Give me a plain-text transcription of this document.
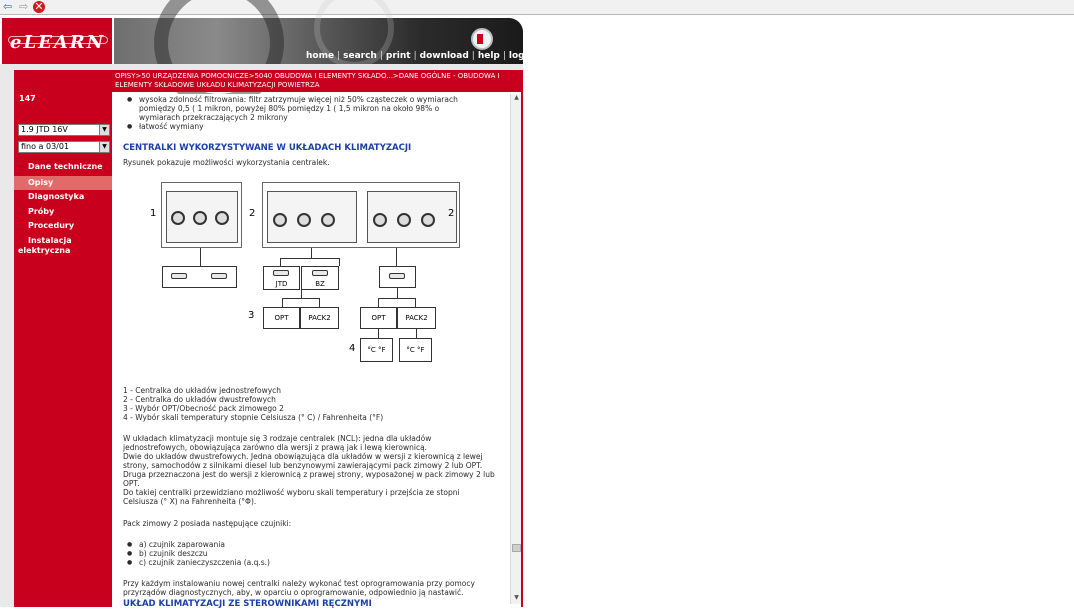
⇦ ⇨ ✕
eLEARN
home | search | print | download | help | logout
147
1.9 JTD 16V	▼
fino a 03/01	▼
Dane techniczne
Opisy
Diagnostyka
Próby
Procedury
Instalacja elektryczna
OPISY>50 URZĄDZENIA POMOCNICZE>5040 OBUDOWA I ELEMENTY SKŁADO...>DANE OGÓLNE - OBUDOWA I ELEMENTY SKŁADOWE UKŁADU KLIMATYZACJI POWIETRZA
● wysoka zdolność filtrowania: filtr zatrzymuje więcej niż 50% cząsteczek o wymiarach pomiędzy 0,5 ( 1 mikron, powyżej 80% pomiędzy 1 ( 1,5 mikron na około 98% o wymiarach przekraczających 2 mikrony
● łatwość wymiany
CENTRALKI WYKORZYSTYWANE W UKŁADACH KLIMATYZACJI
Rysunek pokazuje możliwości wykorzystania centralek.
1	2	2
JTD	BZ
3	OPT	PACK2	OPT	PACK2
4	°C °F	°C °F
1 - Centralka do układów jednostrefowych
2 - Centralka do układów dwustrefowych
3 - Wybór OPT/Obecność pack zimowego 2
4 - Wybór skali temperatury stopnie Celsiusza (° C) / Fahrenheita (°F)
W układach klimatyzacji montuje się 3 rodzaje centralek (NCL): jedna dla układów jednostrefowych, obowiązująca zarówno dla wersji z prawą jak i lewą kierownicą.
Dwie do układów dwustrefowych. Jedna obowiązująca dla układów w wersji z kierownicą z lewej strony, samochodów z silnikami diesel lub benzynowymi zawierającymi pack zimowy 2 lub OPT.
Druga przeznaczona jest do wersji z kierownicą z prawej strony, wyposażonej w pack zimowy 2 lub OPT.
Do takiej centralki przewidziano możliwość wyboru skali temperatury i przejścia ze stopni Celsiusza (° X) na Fahrenheita (°Φ).
Pack zimowy 2 posiada następujące czujniki:
● a) czujnik zaparowania
● b) czujnik deszczu
● c) czujnik zanieczyszczenia (a.q.s.)
Przy każdym instalowaniu nowej centralki należy wykonać test oprogramowania przy pomocy przyrządów diagnostycznych, aby, w oparciu o oprogramowanie, odpowiednio ją nastawić.
UKŁAD KLIMATYZACJI ZE STEROWNIKAMI RĘCZNYMI
▲
▼
